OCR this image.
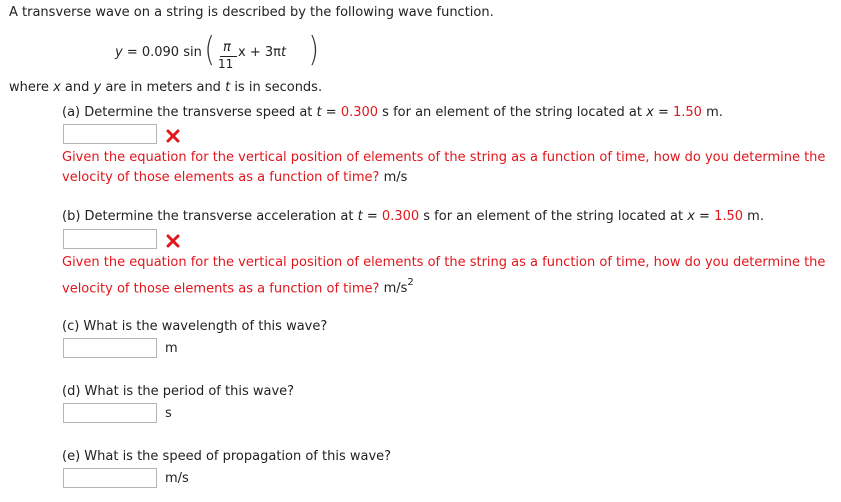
A transverse wave on a string is described by the following wave function.
y = 0.090 sin ( π
11
x + 3πt )
where x and y are in meters and t is in seconds.
(a) Determine the transverse speed at t = 0.300 s for an element of the string located at x = 1.50 m.
Given the equation for the vertical position of elements of the string as a function of time, how do you determine the
velocity of those elements as a function of time? m/s
(b) Determine the transverse acceleration at t = 0.300 s for an element of the string located at x = 1.50 m.
Given the equation for the vertical position of elements of the string as a function of time, how do you determine the
velocity of those elements as a function of time? $m/s^2$
(c) What is the wavelength of this wave?
m
(d) What is the period of this wave?
s
(e) What is the speed of propagation of this wave?
m/s
